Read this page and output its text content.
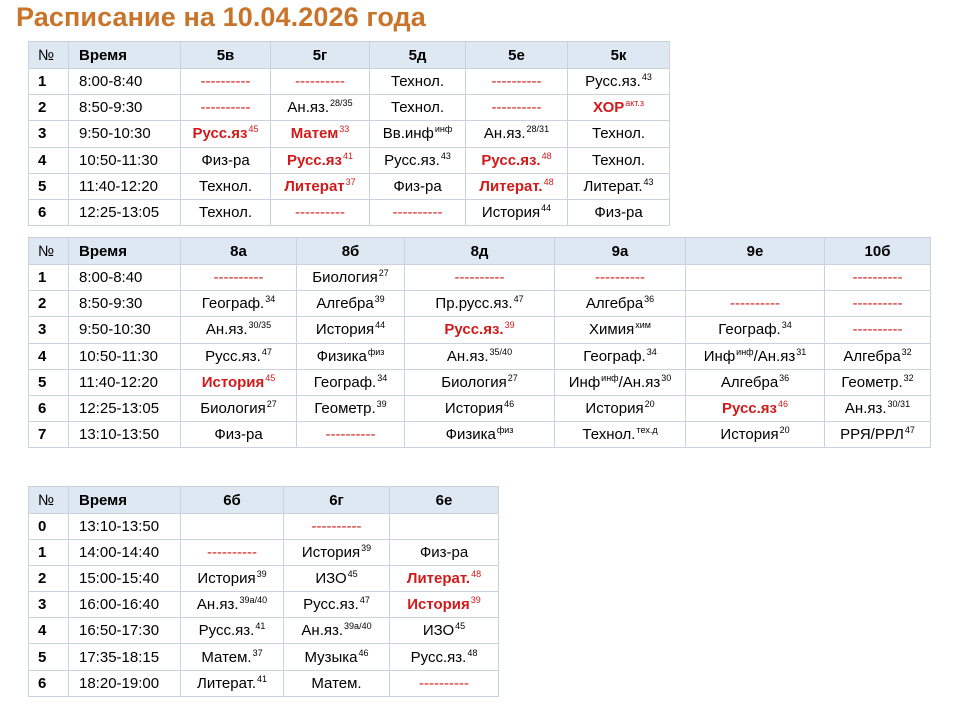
Расписание на 10.04.2026 года
№	Время	5в	5г	5д	5е	5к
1	8:00-8:40	----------	----------	Технол.	----------	Русс.яз.$^{43}$
2	8:50-9:30	----------	Ан.яз.$^{28/35}$	Технол.	----------	$ХОР^{акт.з}$
3	9:50-10:30	$Русс.яз^{45}$	Матем$^{33}$	Вв.инф$^{инф}$	Ан.яз.$^{28/31}$	Технол.
4	10:50-11:30	Физ-ра	$Русс.яз^{41}$	Русс.яз.$^{43}$	Русс.яз.$^{48}$	Технол.
5	11:40-12:20	Технол.	Литерат$^{37}$	Физ-ра	Литерат.$^{48}$	Литерат.$^{43}$
6	12:25-13:05	Технол.	----------	----------	История$^{44}$	Физ-ра
№	Время	8а	8б	8д	9а	9е	10б
1	8:00-8:40	----------	Биология$^{27}$	----------	----------		----------
2	8:50-9:30	Географ.$^{34}$	Алгебра$^{39}$	Пр.русс.яз.$^{47}$	Алгебра$^{36}$	----------	----------
3	9:50-10:30	Ан.яз.$^{30/35}$	История$^{44}$	Русс.яз.$^{39}$	Химия$^{хим}$	Географ.$^{34}$	----------
4	10:50-11:30	Русс.яз.$^{47}$	Физика$^{физ}$	Ан.яз.$^{35/40}$	Географ.$^{34}$	$Инф^{инф}/Ан.яз^{31}$	Алгебра$^{32}$
5	11:40-12:20	История$^{45}$	Географ.$^{34}$	Биология$^{27}$	$Инф^{инф}/Ан.яз^{30}$	Алгебра$^{36}$	Геометр.$^{32}$
6	12:25-13:05	Биология$^{27}$	Геометр.$^{39}$	История$^{46}$	История$^{20}$	$Русс.яз^{46}$	Ан.яз.$^{30/31}$
7	13:10-13:50	Физ-ра	----------	Физика$^{физ}$	Технол.$^{тех.д}$	История$^{20}$	РРЯ/РРЛ$^{47}$
№	Время	6б	6г	6е
0	13:10-13:50		----------	
1	14:00-14:40	----------	История$^{39}$	Физ-ра
2	15:00-15:40	История$^{39}$	ИЗО$^{45}$	Литерат.$^{48}$
3	16:00-16:40	Ан.яз.$^{39а/40}$	Русс.яз.$^{47}$	История$^{39}$
4	16:50-17:30	Русс.яз.$^{41}$	Ан.яз.$^{39а/40}$	ИЗО$^{45}$
5	17:35-18:15	Матем.$^{37}$	Музыка$^{46}$	Русс.яз.$^{48}$
6	18:20-19:00	Литерат.$^{41}$	Матем.	----------
